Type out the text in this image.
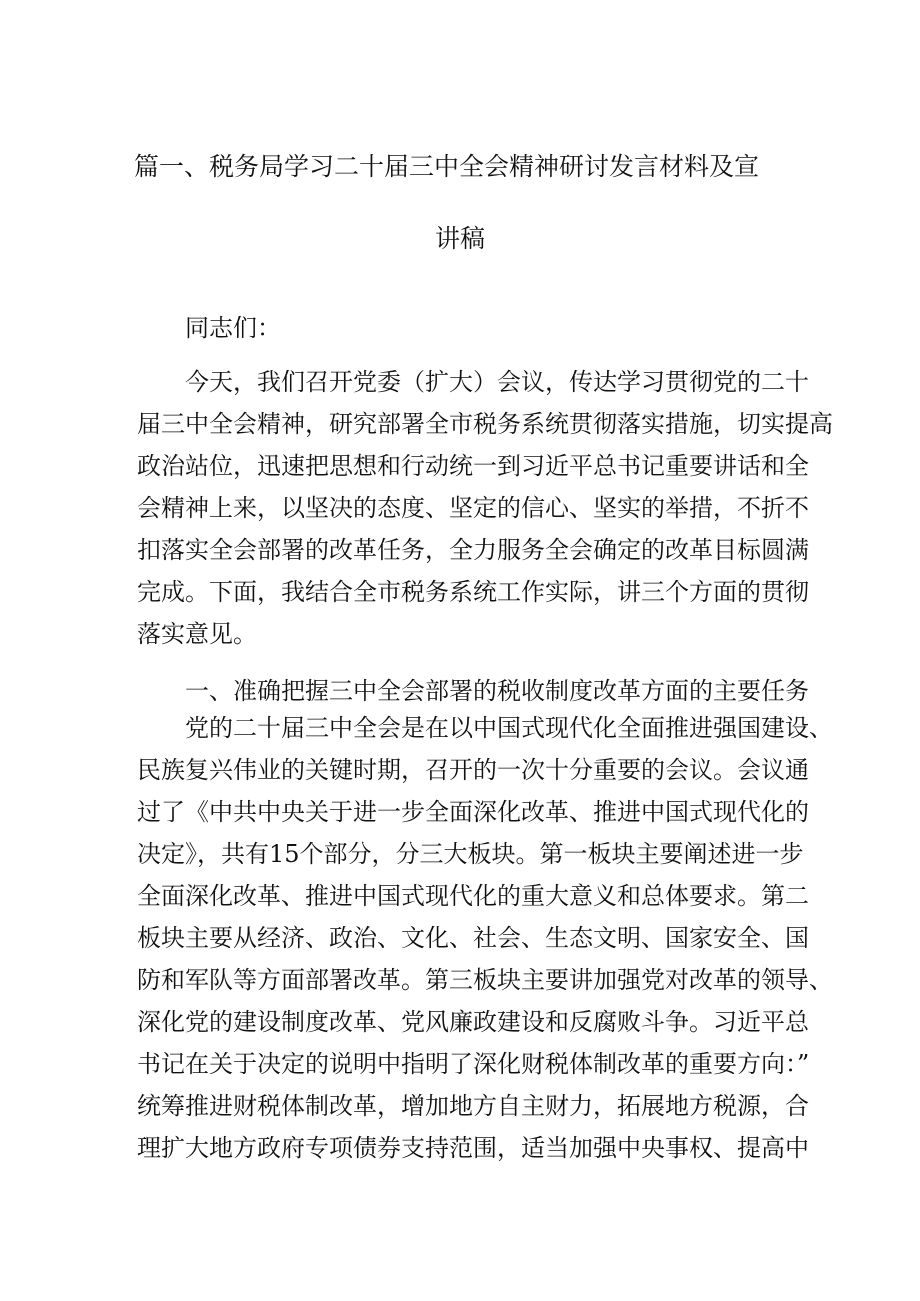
篇一、税务局学习二十届三中全会精神研讨发言材料及宣
讲稿
同志们：
今天，我们召开党委（扩大）会议，传达学习贯彻党的二十
届三中全会精神，研究部署全市税务系统贯彻落实措施，切实提高
政治站位，迅速把思想和行动统一到习近平总书记重要讲话和全
会精神上来，以坚决的态度、坚定的信心、坚实的举措，不折不
扣落实全会部署的改革任务，全力服务全会确定的改革目标圆满
完成。下面，我结合全市税务系统工作实际，讲三个方面的贯彻
落实意见。
一、准确把握三中全会部署的税收制度改革方面的主要任务
党的二十届三中全会是在以中国式现代化全面推进强国建设、
民族复兴伟业的关键时期，召开的一次十分重要的会议。会议通
过了《中共中央关于进一步全面深化改革、推进中国式现代化的
决定》，共有15个部分，分三大板块。第一板块主要阐述进一步
全面深化改革、推进中国式现代化的重大意义和总体要求。第二
板块主要从经济、政治、文化、社会、生态文明、国家安全、国
防和军队等方面部署改革。第三板块主要讲加强党对改革的领导、
深化党的建设制度改革、党风廉政建设和反腐败斗争。习近平总
书记在关于决定的说明中指明了深化财税体制改革的重要方向：”
统筹推进财税体制改革，增加地方自主财力，拓展地方税源，合
理扩大地方政府专项债券支持范围，适当加强中央事权、提高中
